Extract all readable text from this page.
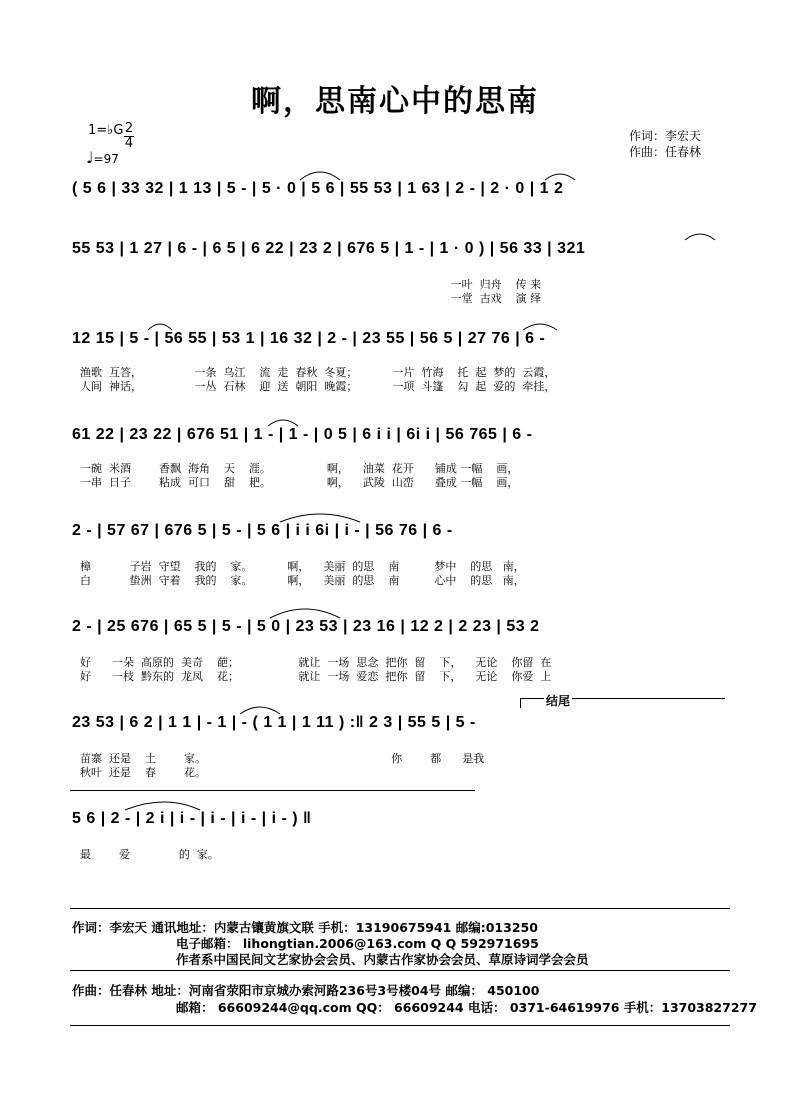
啊，思南心中的思南
1=♭G 2
4
♩=97
作词：李宏天
作曲：任春林
( 5 6 | 33 32 | 1 13 | 5 - | 5 · 0 | 5 6 | 55 53 | 1 63 | 2 - | 2 · 0 | 1 2
55 53 | 1 27 | 6 - | 6 5 | 6 22 | 23 2 | 676 5 | 1 - | 1 · 0 ) | 56 33 | 321
一叶  归舟    传 来
一堂  古戏    演 绎
12 15 | 5 - | 56 55 | 53 1 | 16 32 | 2 - | 23 55 | 56 5 | 27 76 | 6 -
渔歌  互答，               一条  乌江    流  走  春秋  冬夏；          一片  竹海    托  起  梦的  云霞，
人间  神话，               一丛  石林    迎  送  朝阳  晚霞；          一项  斗篷    勾  起  爱的  牵挂，
61 22 | 23 22 | 676 51 | 1 - | 1 - | 0 5 | 6 i i | 6i i | 56 765 | 6 -
一碗  米酒        香飘  海角    天    涯。                啊，    油菜  花开      铺成 一幅    画，
一串  日子        粘成  可口    甜    耙。                啊，    武陵  山峦      叠成 一幅    画，
2 - | 57 67 | 676 5 | 5 - | 5 6 | i i 6i | i - | 56 76 | 6 -
樟           子岩  守望    我的    家。          啊，    美丽  的思    南          梦中    的思   南，
白           蛰洲  守着    我的    家。          啊，    美丽  的思    南          心中    的思   南，
2 - | 25 676 | 65 5 | 5 - | 5 0 | 23 53 | 23 16 | 12 2 | 2 23 | 53 2
好      一朵  高原的  美奇    葩；                 就让  一场  思念  把你  留    下，    无论    你留  在
好      一枝  黔东的  龙凤    花；                 就让  一场  爱恋  把你  留    下，    无论    你爱  上
结尾
23 53 | 6 2 | 1 1 | - 1 | - ( 1 1 | 1 11 ) :‖ 2 3 | 55 5 | 5 -
苗寨  还是    土        家。                                                     你        都      是我
秋叶  还是    春        花。
5 6 | 2 - | 2 i | i - | i - | i - | i - ) ‖
最        爱              的  家。
作词：李宏天 通讯地址：内蒙古镶黄旗文联 手机：13190675941 邮编:013250
电子邮箱： lihongtian.2006@163.com Q Q 592971695
作者系中国民间文艺家协会会员、内蒙古作家协会会员、草原诗词学会会员
作曲：任春林 地址：河南省荥阳市京城办索河路236号3号楼04号 邮编： 450100
邮箱： 66609244@qq.com QQ： 66609244 电话： 0371-64619976 手机：13703827277
